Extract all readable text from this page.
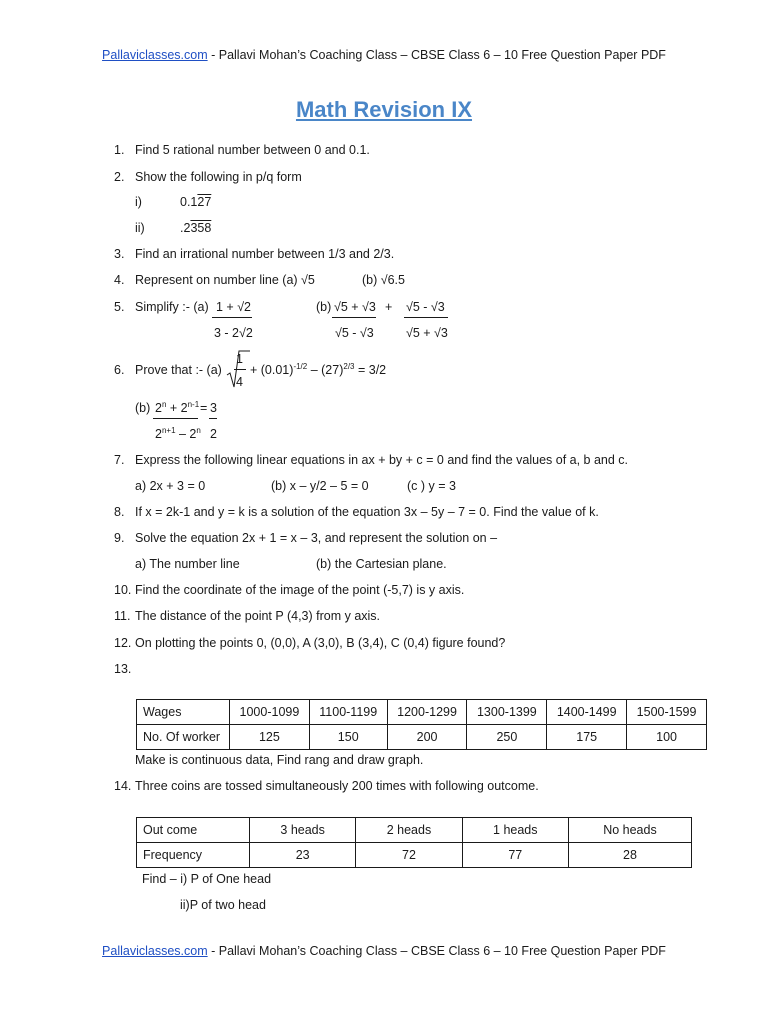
Pallaviclasses.com - Pallavi Mohan’s Coaching Class – CBSE Class 6 – 10 Free Question Paper PDF
Math Revision IX
1. Find 5 rational number between 0 and 0.1.
2. Show the following in p/q form
i)	0.127
ii)	.2358
3. Find an irrational number between 1/3 and 2/3.
4. Represent on number line (a) √5	(b) √6.5
5. Simplify :- (a) 1 + √2
3 - 2√2
(b) √5 + √3
√5 - √3
+ √5 - √3
√5 + √3
6. Prove that :- (a)
1
4
+ $(0.01)^{-1/2} - (27)^{2/3} = 3/2$
(b) $2^n + 2^{n-1} = 3$
$2^{n+1} - 2^n$ 2
7. Express the following linear equations in ax + by + c = 0 and find the values of a, b and c.
a) 2x + 3 = 0	(b) x – y/2 – 5 = 0	(c ) y = 3
8. If x = 2k-1 and y = k is a solution of the equation 3x – 5y – 7 = 0. Find the value of k.
9. Solve the equation 2x + 1 = x – 3, and represent the solution on –
a) The number line	(b) the Cartesian plane.
10. Find the coordinate of the image of the point (-5,7) is y axis.
11. The distance of the point P (4,3) from y axis.
12. On plotting the points 0, (0,0), A (3,0), B (3,4), C (0,4) figure found?
13.
Wages	1000-1099	1100-1199	1200-1299	1300-1399	1400-1499	1500-1599
No. Of worker	125	150	200	250	175	100
Make is continuous data, Find rang and draw graph.
14. Three coins are tossed simultaneously 200 times with following outcome.
Out come	3 heads	2 heads	1 heads	No heads
Frequency	23	72	77	28
Find – i) P of One head
ii)P of two head
Pallaviclasses.com - Pallavi Mohan’s Coaching Class – CBSE Class 6 – 10 Free Question Paper PDF
